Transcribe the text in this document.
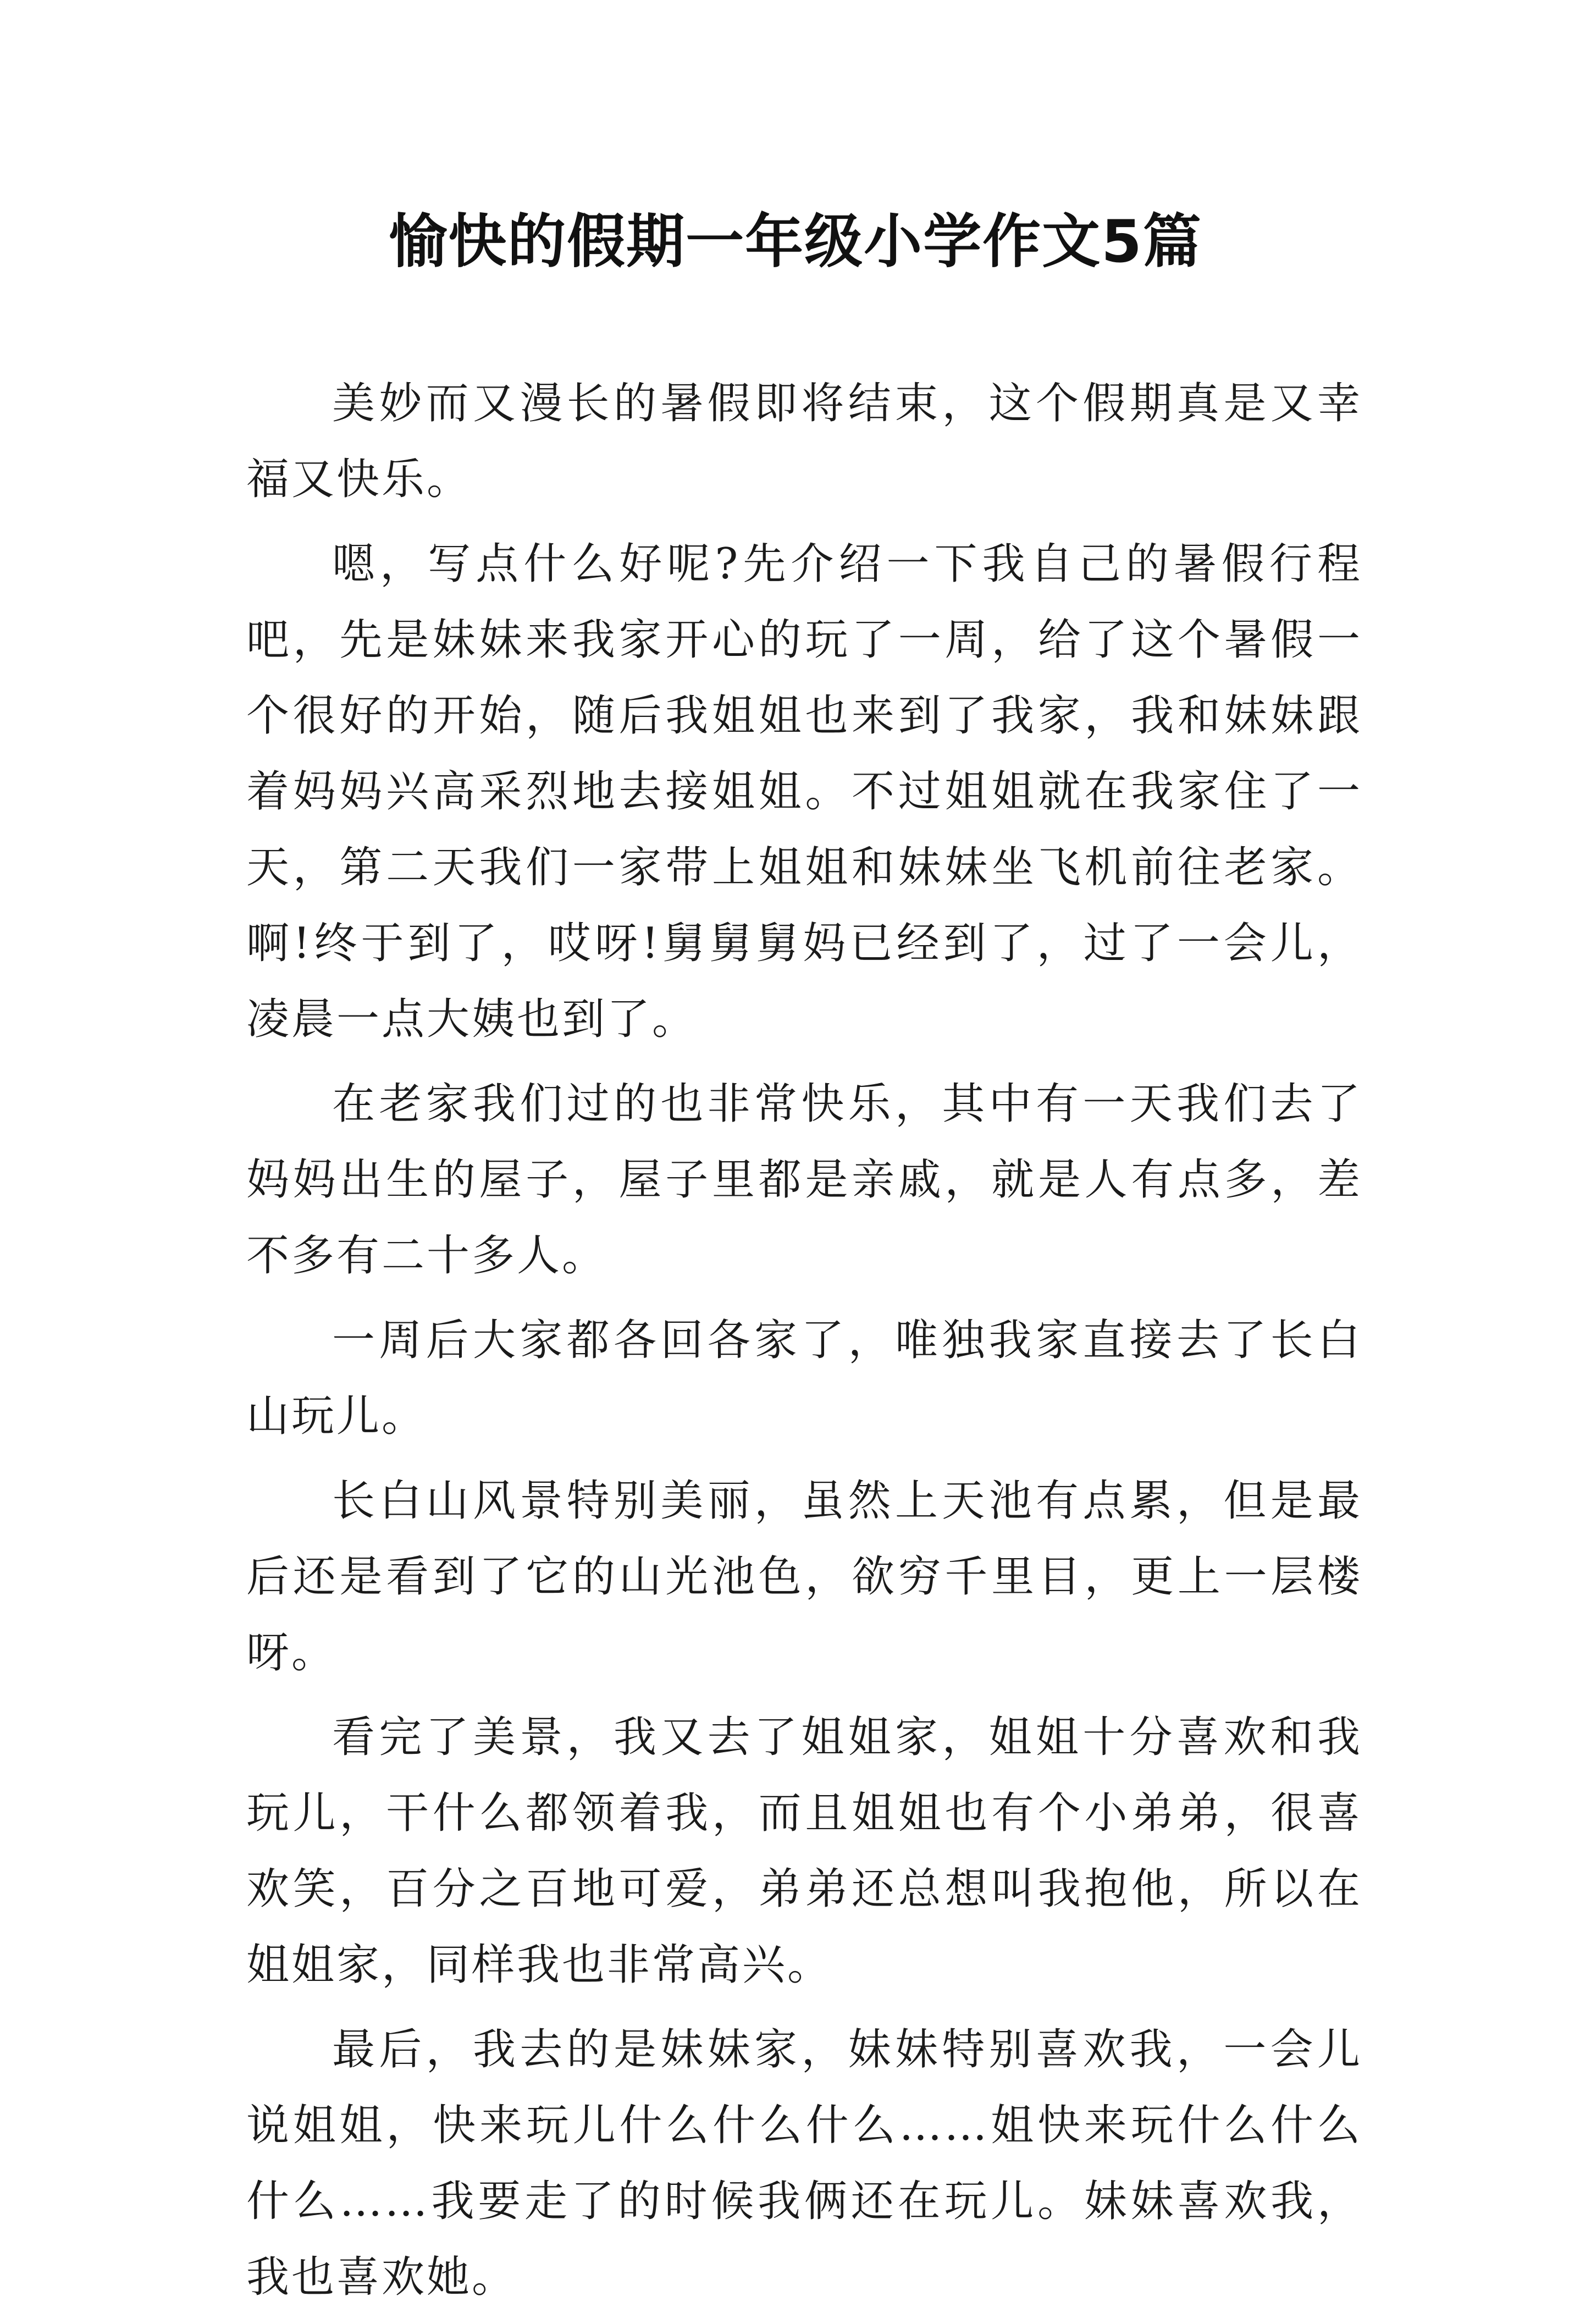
愉快的假期一年级小学作文5篇

美妙而又漫长的暑假即将结束，这个假期真是又幸福又快乐。

嗯，写点什么好呢?先介绍一下我自己的暑假行程吧，先是妹妹来我家开心的玩了一周，给了这个暑假一个很好的开始，随后我姐姐也来到了我家，我和妹妹跟着妈妈兴高采烈地去接姐姐。不过姐姐就在我家住了一天，第二天我们一家带上姐姐和妹妹坐飞机前往老家。啊!终于到了，哎呀!舅舅舅妈已经到了，过了一会儿，凌晨一点大姨也到了。

在老家我们过的也非常快乐，其中有一天我们去了妈妈出生的屋子，屋子里都是亲戚，就是人有点多，差不多有二十多人。

一周后大家都各回各家了，唯独我家直接去了长白山玩儿。

长白山风景特别美丽，虽然上天池有点累，但是最后还是看到了它的山光池色，欲穷千里目，更上一层楼呀。

看完了美景，我又去了姐姐家，姐姐十分喜欢和我玩儿，干什么都领着我，而且姐姐也有个小弟弟，很喜欢笑，百分之百地可爱，弟弟还总想叫我抱他，所以在姐姐家，同样我也非常高兴。

最后，我去的是妹妹家，妹妹特别喜欢我，一会儿说姐姐，快来玩儿什么什么什么……姐快来玩什么什么什么……我要走了的时候我俩还在玩儿。妹妹喜欢我，我也喜欢她。
